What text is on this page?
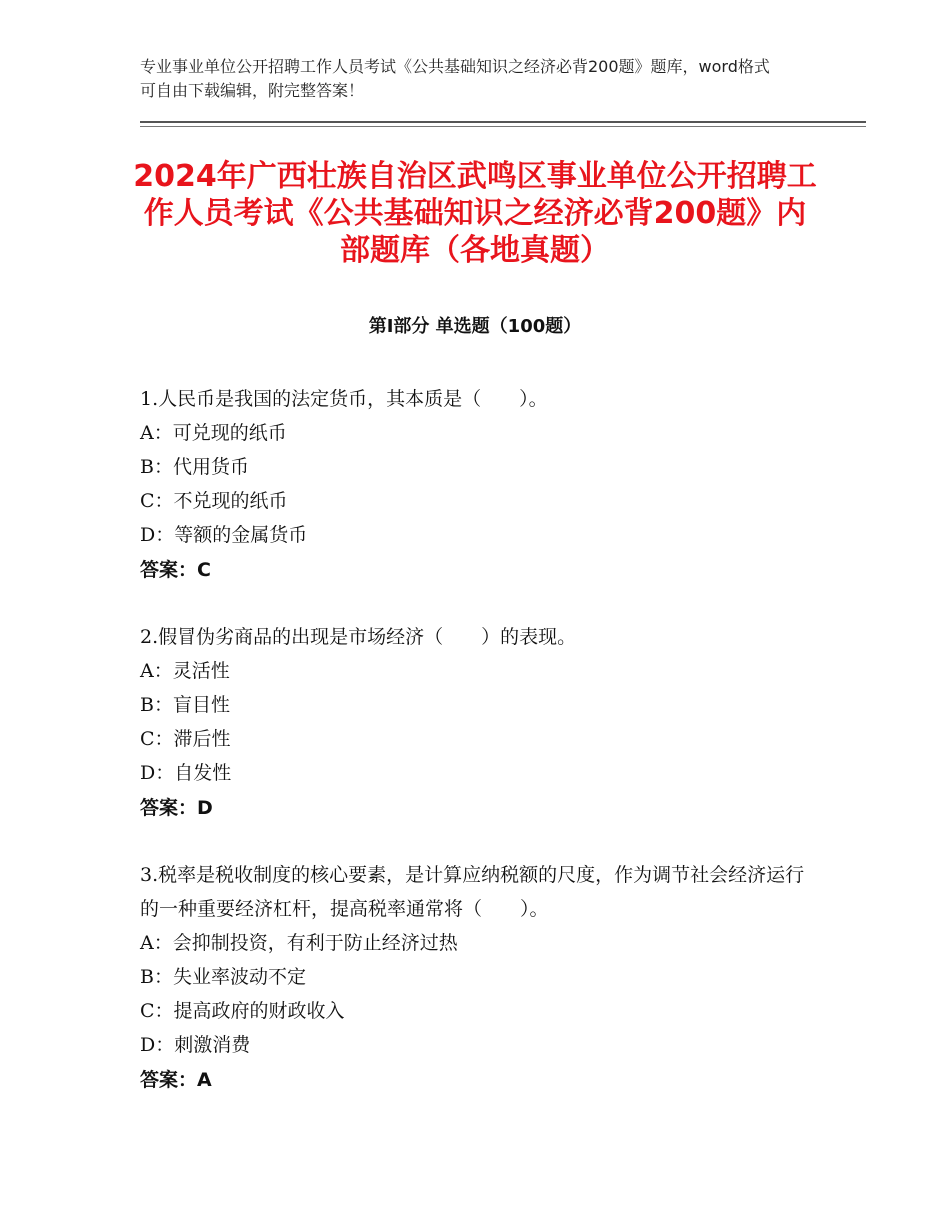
专业事业单位公开招聘工作人员考试《公共基础知识之经济必背200题》题库，word格式可自由下载编辑，附完整答案！
2024年广西壮族自治区武鸣区事业单位公开招聘工作人员考试《公共基础知识之经济必背200题》内部题库（各地真题）
第Ⅰ部分 单选题（100题）

1.人民币是我国的法定货币，其本质是（　　）。

A：可兑现的纸币

B：代用货币

C：不兑现的纸币

D：等额的金属货币

答案：C

2.假冒伪劣商品的出现是市场经济（　　）的表现。

A：灵活性

B：盲目性

C：滞后性

D：自发性

答案：D

3.税率是税收制度的核心要素，是计算应纳税额的尺度，作为调节社会经济运行的一种重要经济杠杆，提高税率通常将（　　）。

A：会抑制投资，有利于防止经济过热

B：失业率波动不定

C：提高政府的财政收入

D：刺激消费

答案：A
